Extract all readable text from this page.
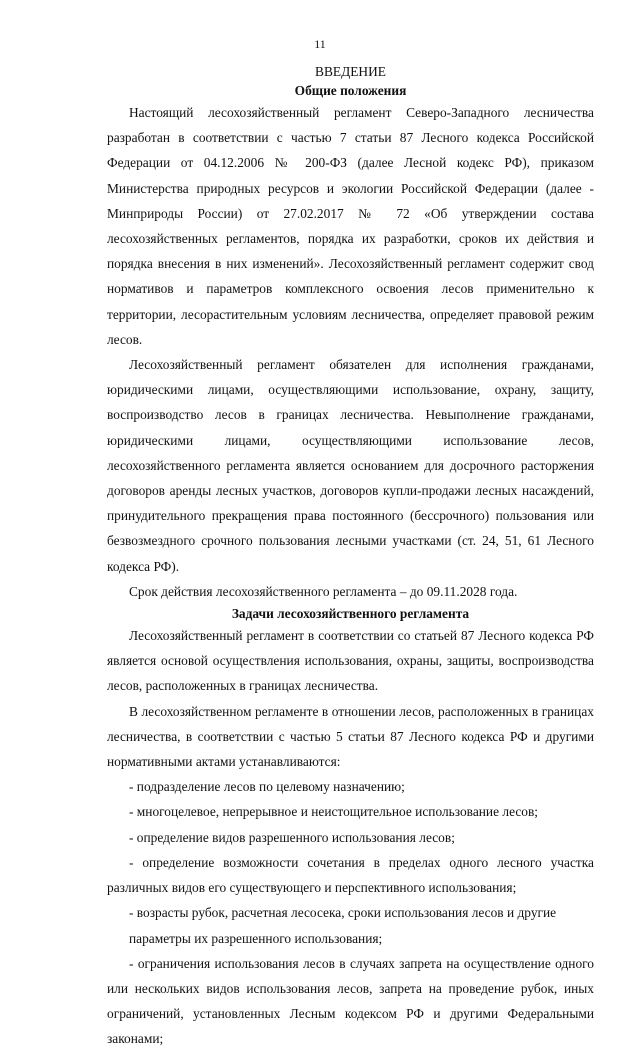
11
ВВЕДЕНИЕ
Общие положения

Настоящий лесохозяйственный регламент Северо-Западного лесничества разработан в соответствии с частью 7 статьи 87 Лесного кодекса Российской Федерации от 04.12.2006 № 200-ФЗ (далее Лесной кодекс РФ), приказом Министерства природных ресурсов и экологии Российской Федерации (далее - Минприроды России) от 27.02.2017 № 72 «Об утверждении состава лесохозяйственных регламентов, порядка их разработки, сроков их действия и порядка внесения в них изменений». Лесохозяйственный регламент содержит свод нормативов и параметров комплексного освоения лесов применительно к территории, лесорастительным условиям лесничества, определяет правовой режим лесов.

Лесохозяйственный регламент обязателен для исполнения гражданами, юридическими лицами, осуществляющими использование, охрану, защиту, воспроизводство лесов в границах лесничества. Невыполнение гражданами, юридическими лицами, осуществляющими использование лесов, лесохозяйственного регламента является основанием для досрочного расторжения договоров аренды лесных участков, договоров купли-продажи лесных насаждений, принудительного прекращения права постоянного (бессрочного) пользования или безвозмездного срочного пользования лесными участками (ст. 24, 51, 61 Лесного кодекса РФ).

Срок действия лесохозяйственного регламента – до 09.11.2028 года.

Задачи лесохозяйственного регламента

Лесохозяйственный регламент в соответствии со статьей 87 Лесного кодекса РФ является основой осуществления использования, охраны, защиты, воспроизводства лесов, расположенных в границах лесничества.

В лесохозяйственном регламенте в отношении лесов, расположенных в границах лесничества, в соответствии с частью 5 статьи 87 Лесного кодекса РФ и другими нормативными актами устанавливаются:

- подразделение лесов по целевому назначению;

- многоцелевое, непрерывное и неистощительное использование лесов;

- определение видов разрешенного использования лесов;

- определение возможности сочетания в пределах одного лесного участка различных видов его существующего и перспективного использования;

- возрасты рубок, расчетная лесосека, сроки использования лесов и другие

параметры их разрешенного использования;

- ограничения использования лесов в случаях запрета на осуществление одного или нескольких видов использования лесов, запрета на проведение рубок, иных ограничений, установленных Лесным кодексом РФ и другими Федеральными законами;
